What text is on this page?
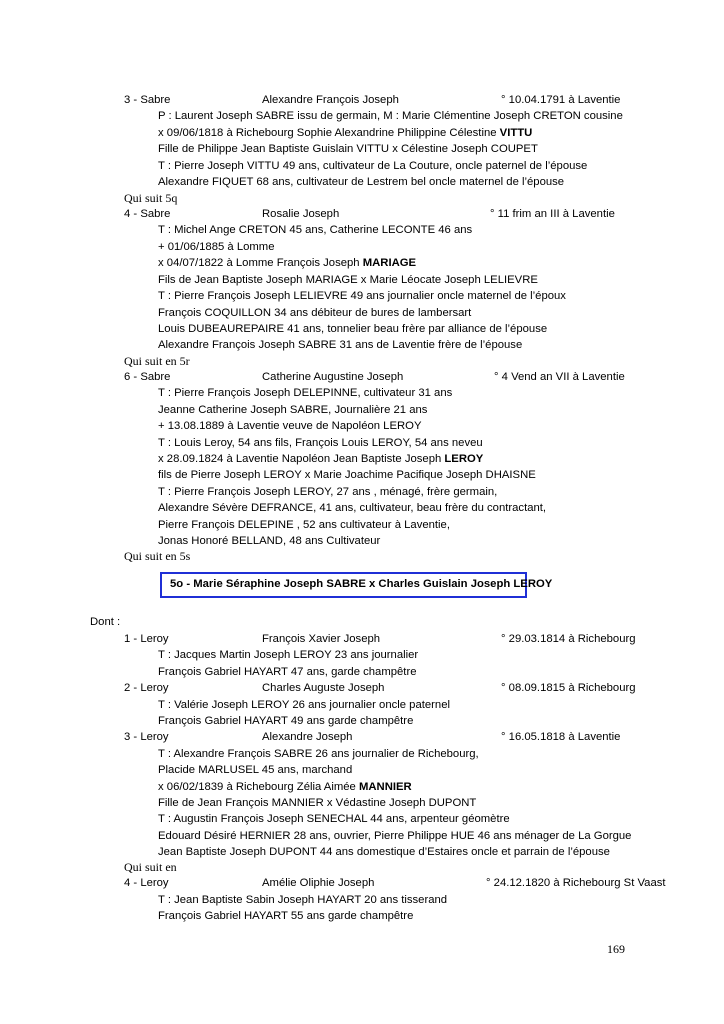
3 - Sabre	Alexandre François Joseph	° 10.04.1791 à Laventie
P : Laurent Joseph SABRE issu de germain, M : Marie Clémentine Joseph CRETON cousine
x 09/06/1818 à Richebourg Sophie Alexandrine Philippine Célestine VITTU
Fille de Philippe Jean Baptiste Guislain VITTU x Célestine Joseph COUPET
T : Pierre Joseph VITTU 49 ans, cultivateur de La Couture, oncle paternel de l’épouse
Alexandre FIQUET 68 ans, cultivateur de Lestrem bel oncle maternel de l’épouse
Qui suit 5q
4 - Sabre	Rosalie Joseph	° 11 frim an III à Laventie
T : Michel Ange CRETON 45 ans, Catherine LECONTE 46 ans
+ 01/06/1885 à Lomme
x 04/07/1822 à Lomme François Joseph MARIAGE
Fils de Jean Baptiste Joseph MARIAGE x Marie Léocate Joseph LELIEVRE
T : Pierre François Joseph LELIEVRE 49 ans journalier oncle maternel de l’époux
François COQUILLON 34 ans débiteur de bures de lambersart
Louis DUBEAUREPAIRE 41 ans, tonnelier beau frère par alliance de l’épouse
Alexandre François Joseph SABRE 31 ans de Laventie frère de l’épouse
Qui suit en 5r
6 - Sabre	Catherine Augustine Joseph	° 4 Vend an VII à Laventie
T : Pierre François Joseph DELEPINNE, cultivateur 31 ans
Jeanne Catherine Joseph SABRE, Journalière 21 ans
+ 13.08.1889 à Laventie veuve de Napoléon LEROY
T : Louis Leroy, 54 ans fils, François Louis LEROY, 54 ans neveu
x 28.09.1824 à Laventie Napoléon Jean Baptiste Joseph LEROY
fils de Pierre Joseph LEROY x Marie Joachime Pacifique Joseph DHAISNE
T : Pierre François Joseph LEROY, 27 ans , ménagé, frère germain,
Alexandre Sévère DEFRANCE, 41 ans, cultivateur, beau frère du contractant,
Pierre François DELEPINE , 52 ans cultivateur à Laventie,
Jonas Honoré BELLAND, 48 ans Cultivateur
Qui suit en 5s
5o - Marie Séraphine Joseph SABRE x Charles Guislain Joseph LEROY
Dont :
1 - Leroy	François Xavier Joseph	° 29.03.1814 à Richebourg
T : Jacques Martin Joseph LEROY 23 ans journalier
François Gabriel HAYART 47 ans, garde champêtre
2 - Leroy	Charles Auguste Joseph	° 08.09.1815 à Richebourg
T : Valérie Joseph LEROY 26 ans journalier oncle paternel
François Gabriel HAYART 49 ans garde champêtre
3 - Leroy	Alexandre Joseph	° 16.05.1818 à Laventie
T : Alexandre François SABRE 26 ans journalier de Richebourg,
Placide MARLUSEL 45 ans, marchand
x 06/02/1839 à Richebourg Zélia Aimée MANNIER
Fille de Jean François MANNIER x Védastine Joseph DUPONT
T : Augustin François Joseph SENECHAL 44 ans, arpenteur géomètre
Edouard Désiré HERNIER 28 ans, ouvrier, Pierre Philippe HUE 46 ans ménager de La Gorgue
Jean Baptiste Joseph DUPONT 44 ans domestique d’Estaires oncle et parrain de l’épouse
Qui suit en
4 - Leroy	Amélie Oliphie Joseph	° 24.12.1820 à Richebourg St Vaast
T : Jean Baptiste Sabin Joseph HAYART 20 ans tisserand
François Gabriel HAYART 55 ans garde champêtre
169
